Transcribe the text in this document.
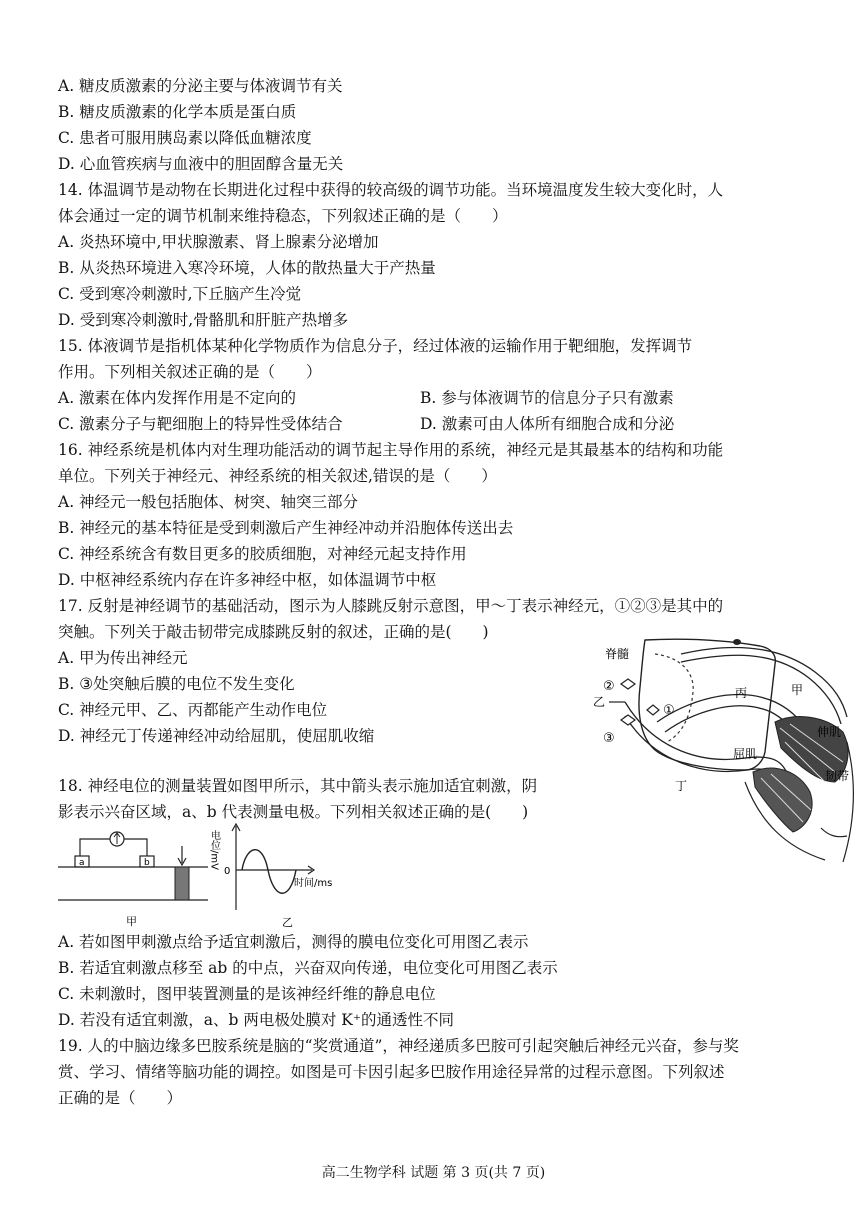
A. 糖皮质激素的分泌主要与体液调节有关
B. 糖皮质激素的化学本质是蛋白质
C. 患者可服用胰岛素以降低血糖浓度
D. 心血管疾病与血液中的胆固醇含量无关
14. 体温调节是动物在长期进化过程中获得的较高级的调节功能。当环境温度发生较大变化时，人
体会通过一定的调节机制来维持稳态，下列叙述正确的是（　　）
A. 炎热环境中,甲状腺激素、肾上腺素分泌增加
B. 从炎热环境进入寒冷环境，人体的散热量大于产热量
C. 受到寒冷刺激时,下丘脑产生冷觉
D. 受到寒冷刺激时,骨骼肌和肝脏产热增多
15. 体液调节是指机体某种化学物质作为信息分子，经过体液的运输作用于靶细胞，发挥调节
作用。下列相关叙述正确的是（　　）
A. 激素在体内发挥作用是不定向的	B. 参与体液调节的信息分子只有激素
C. 激素分子与靶细胞上的特异性受体结合	D. 激素可由人体所有细胞合成和分泌
16. 神经系统是机体内对生理功能活动的调节起主导作用的系统，神经元是其最基本的结构和功能
单位。下列关于神经元、神经系统的相关叙述,错误的是（　　）
A. 神经元一般包括胞体、树突、轴突三部分
B. 神经元的基本特征是受到刺激后产生神经冲动并沿胞体传送出去
C. 神经系统含有数目更多的胶质细胞，对神经元起支持作用
D. 中枢神经系统内存在许多神经中枢，如体温调节中枢
17. 反射是神经调节的基础活动，图示为人膝跳反射示意图，甲～丁表示神经元，①②③是其中的
突触。下列关于敲击韧带完成膝跳反射的叙述，正确的是(　　)
A. 甲为传出神经元
B. ③处突触后膜的电位不发生变化
C. 神经元甲、乙、丙都能产生动作电位
D. 神经元丁传递神经冲动给屈肌，使屈肌收缩
脊髓
甲
丙
乙
丁
①
②
③	伸肌
屈肌
韧带
18. 神经电位的测量装置如图甲所示，其中箭头表示施加适宜刺激，阴
影表示兴奋区域，a、b 代表测量电极。下列相关叙述正确的是(　　)
a	b
甲
0
电位/mV
时间/ms
乙
A. 若如图甲刺激点给予适宜刺激后，测得的膜电位变化可用图乙表示
B. 若适宜刺激点移至 ab 的中点，兴奋双向传递，电位变化可用图乙表示
C. 未刺激时，图甲装置测量的是该神经纤维的静息电位
D. 若没有适宜刺激，a、b 两电极处膜对 K⁺的通透性不同
19. 人的中脑边缘多巴胺系统是脑的“奖赏通道”，神经递质多巴胺可引起突触后神经元兴奋，参与奖
赏、学习、情绪等脑功能的调控。如图是可卡因引起多巴胺作用途径异常的过程示意图。下列叙述
正确的是（　　）
高二生物学科 试题 第 3 页(共 7 页)
